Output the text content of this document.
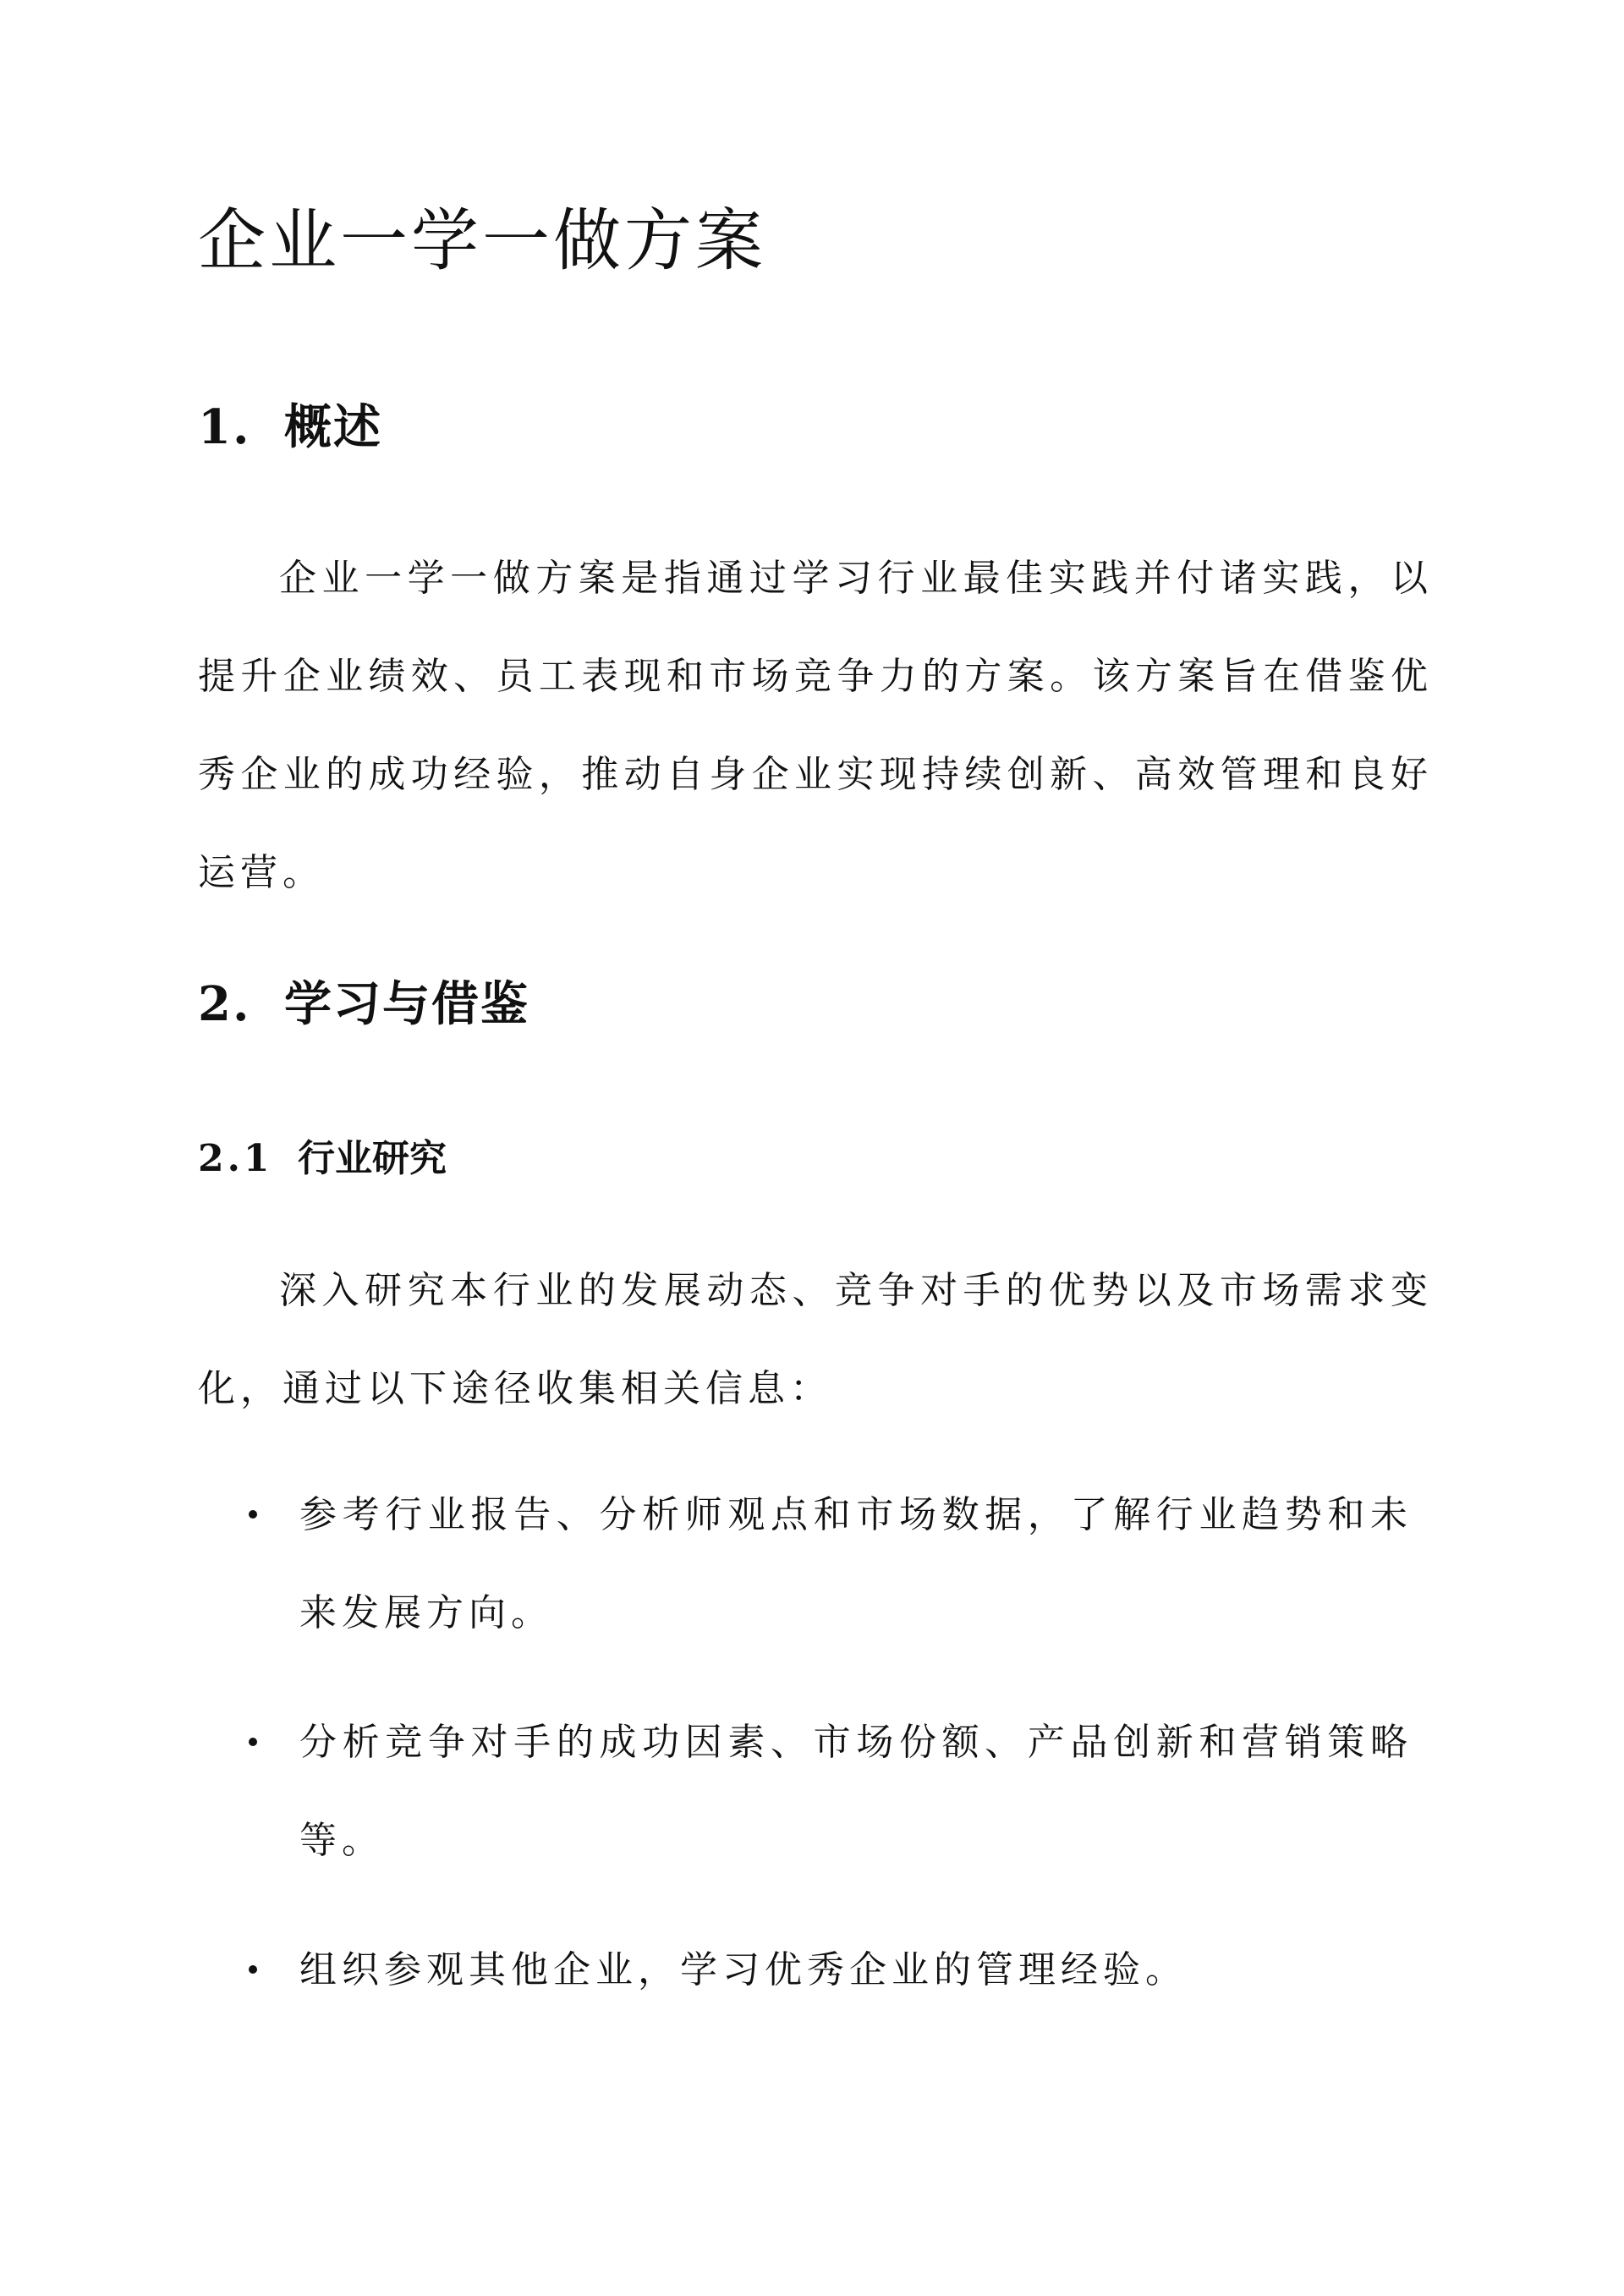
企业一学一做方案
1. 概述

企业一学一做方案是指通过学习行业最佳实践并付诸实践，以提升企业绩效、员工表现和市场竞争力的方案。该方案旨在借鉴优秀企业的成功经验，推动自身企业实现持续创新、高效管理和良好运营。

2. 学习与借鉴
2.1 行业研究

深入研究本行业的发展动态、竞争对手的优势以及市场需求变化，通过以下途径收集相关信息：

参考行业报告、分析师观点和市场数据，了解行业趋势和未来发展方向。
分析竞争对手的成功因素、市场份额、产品创新和营销策略等。
组织参观其他企业，学习优秀企业的管理经验。
